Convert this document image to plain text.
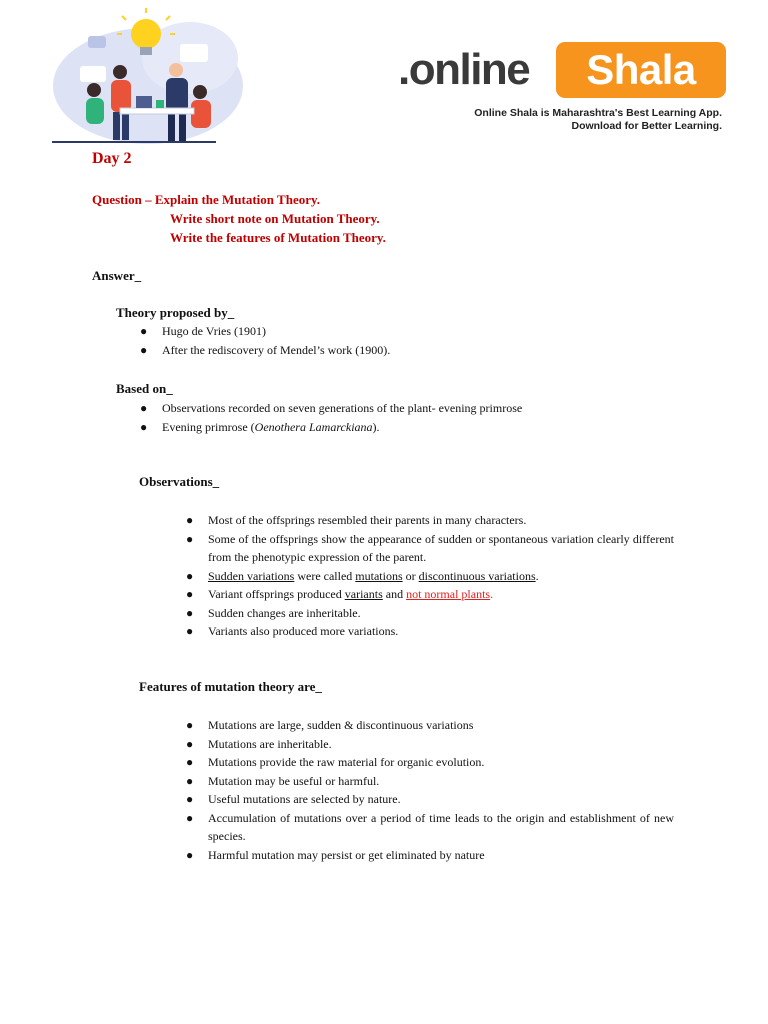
.online	Shala
Online Shala is Maharashtra's Best Learning App.
Download for Better Learning.
Day 2
Question – Explain the Mutation Theory.
Write short note on Mutation Theory.
Write the features of Mutation Theory.
Answer_
Theory proposed by_
● Hugo de Vries (1901)
● After the rediscovery of Mendel’s work (1900).
Based on_
● Observations recorded on seven generations of the plant- evening primrose
● Evening primrose (Oenothera Lamarckiana).
Observations_
● Most of the offsprings resembled their parents in many characters.
● Some of the offsprings show the appearance of sudden or spontaneous variation clearly different from the phenotypic expression of the parent.
● Sudden variations were called mutations or discontinuous variations.
● Variant offsprings produced variants and not normal plants.
● Sudden changes are inheritable.
● Variants also produced more variations.
Features of mutation theory are_
● Mutations are large, sudden & discontinuous variations
● Mutations are inheritable.
● Mutations provide the raw material for organic evolution.
● Mutation may be useful or harmful.
● Useful mutations are selected by nature.
● Accumulation of mutations over a period of time leads to the origin and establishment of new species.
● Harmful mutation may persist or get eliminated by nature
